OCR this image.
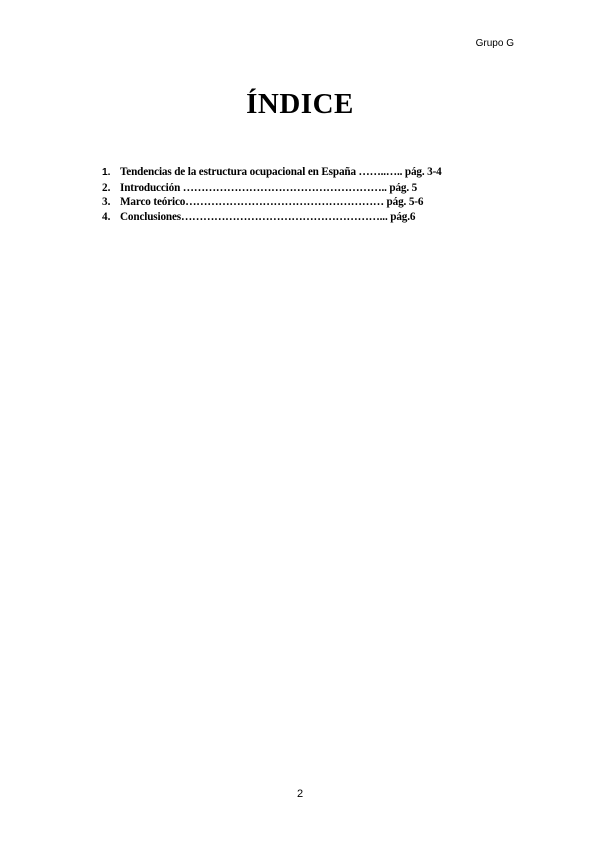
Grupo G
ÍNDICE
1. Tendencias de la estructura ocupacional en España ……..….. pág. 3-4
2. Introducción ……………………………………………….. pág. 5
3. Marco teórico……………………………………………… pág. 5-6
4. Conclusiones………………………………………………... pág.6
2
